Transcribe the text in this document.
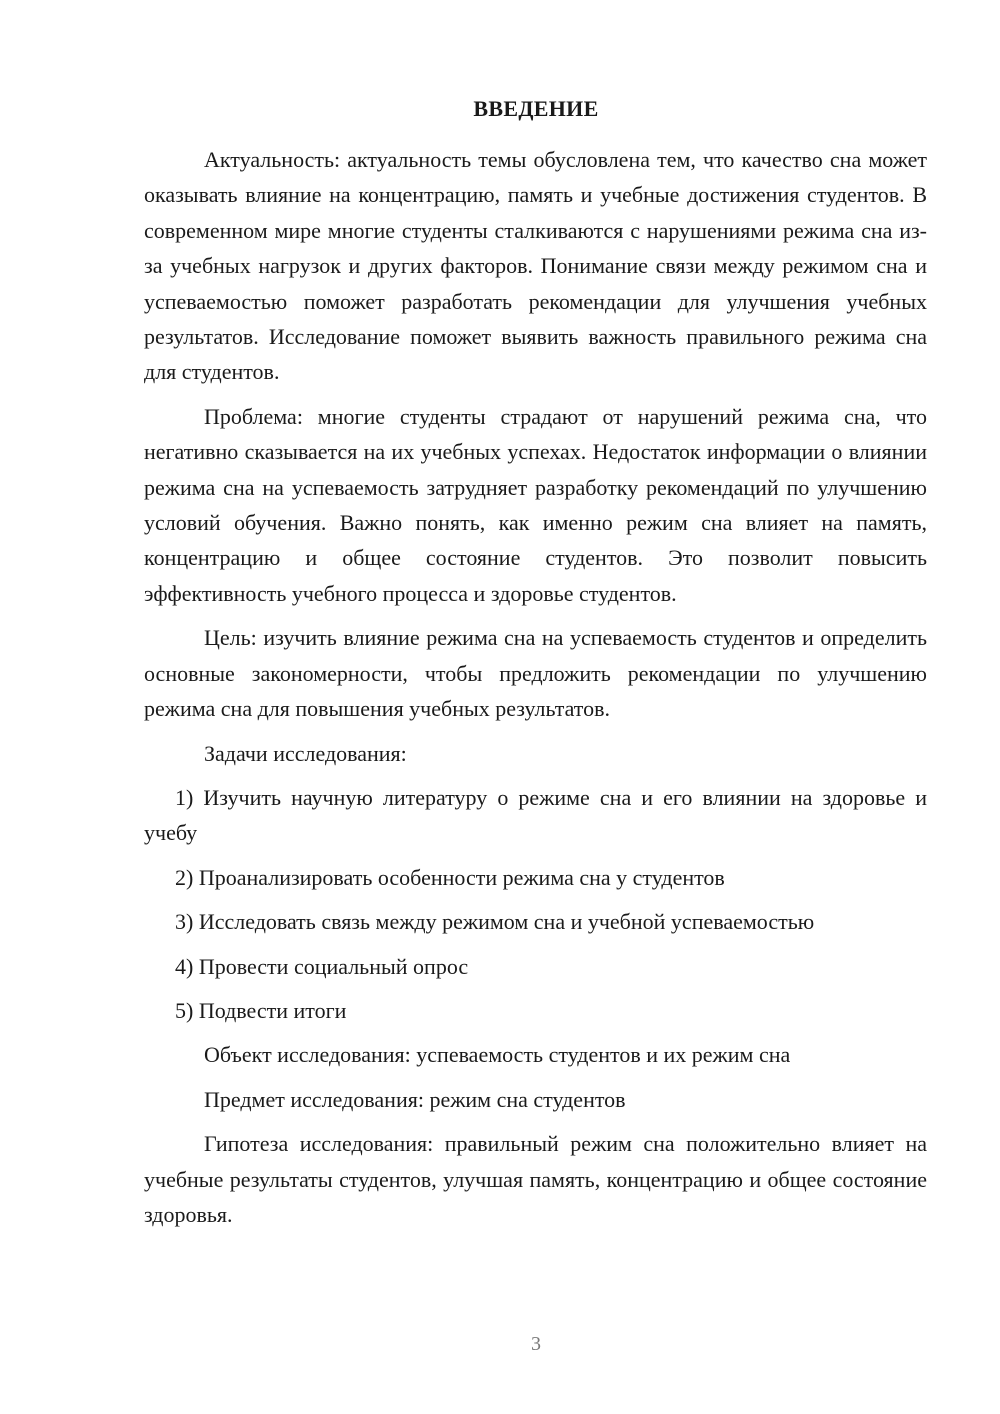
ВВЕДЕНИЕ

Актуальность: актуальность темы обусловлена тем, что качество сна может оказывать влияние на концентрацию, память и учебные достижения студентов. В современном мире многие студенты сталкиваются с нарушениями режима сна из-за учебных нагрузок и других факторов. Понимание связи между режимом сна и успеваемостью поможет разработать рекомендации для улучшения учебных результатов. Исследование поможет выявить важность правильного режима сна для студентов.

Проблема: многие студенты страдают от нарушений режима сна, что негативно сказывается на их учебных успехах. Недостаток информации о влиянии режима сна на успеваемость затрудняет разработку рекомендаций по улучшению условий обучения. Важно понять, как именно режим сна влияет на память, концентрацию и общее состояние студентов. Это позволит повысить эффективность учебного процесса и здоровье студентов.

Цель: изучить влияние режима сна на успеваемость студентов и определить основные закономерности, чтобы предложить рекомендации по улучшению режима сна для повышения учебных результатов.

Задачи исследования:

1) Изучить научную литературу о режиме сна и его влиянии на здоровье и учебу

2) Проанализировать особенности режима сна у студентов

3) Исследовать связь между режимом сна и учебной успеваемостью

4) Провести социальный опрос

5) Подвести итоги

Объект исследования: успеваемость студентов и их режим сна

Предмет исследования: режим сна студентов

Гипотеза исследования: правильный режим сна положительно влияет на учебные результаты студентов, улучшая память, концентрацию и общее состояние здоровья.

3
